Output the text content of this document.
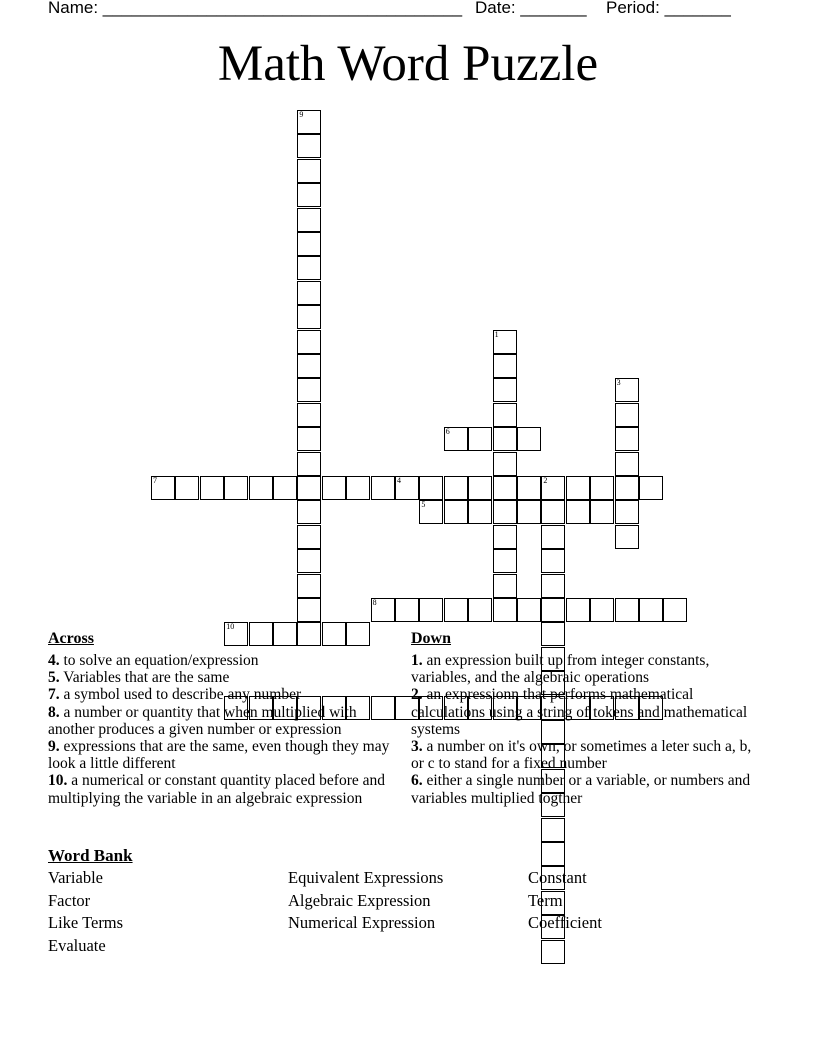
Name: ______________________________________ Date: _______ Period: _______
Math Word Puzzle
1
2
3
4
5
6
7
8
9
10
Across
4. to solve an equation/expression
5. Variables that are the same
7. a symbol used to describe any number
8. a number or quantity that when multiplied with another produces a given number or expression
9. expressions that are the same, even though they may look a little different
10. a numerical or constant quantity placed before and multiplying the variable in an algebraic expression
Down
1. an expression built up from integer constants, variables, and the algebraic operations
2. an expressionn that performs mathematical calculations using a string of tokens and mathematical systems
3. a number on it's own, or sometimes a leter such a, b, or c to stand for a fixed number
6. either a single number or a variable, or numbers and variables multiplied togther
Word Bank
Variable
Factor
Like Terms
Evaluate
Equivalent Expressions
Algebraic Expression
Numerical Expression
Constant
Term
Coefficient
